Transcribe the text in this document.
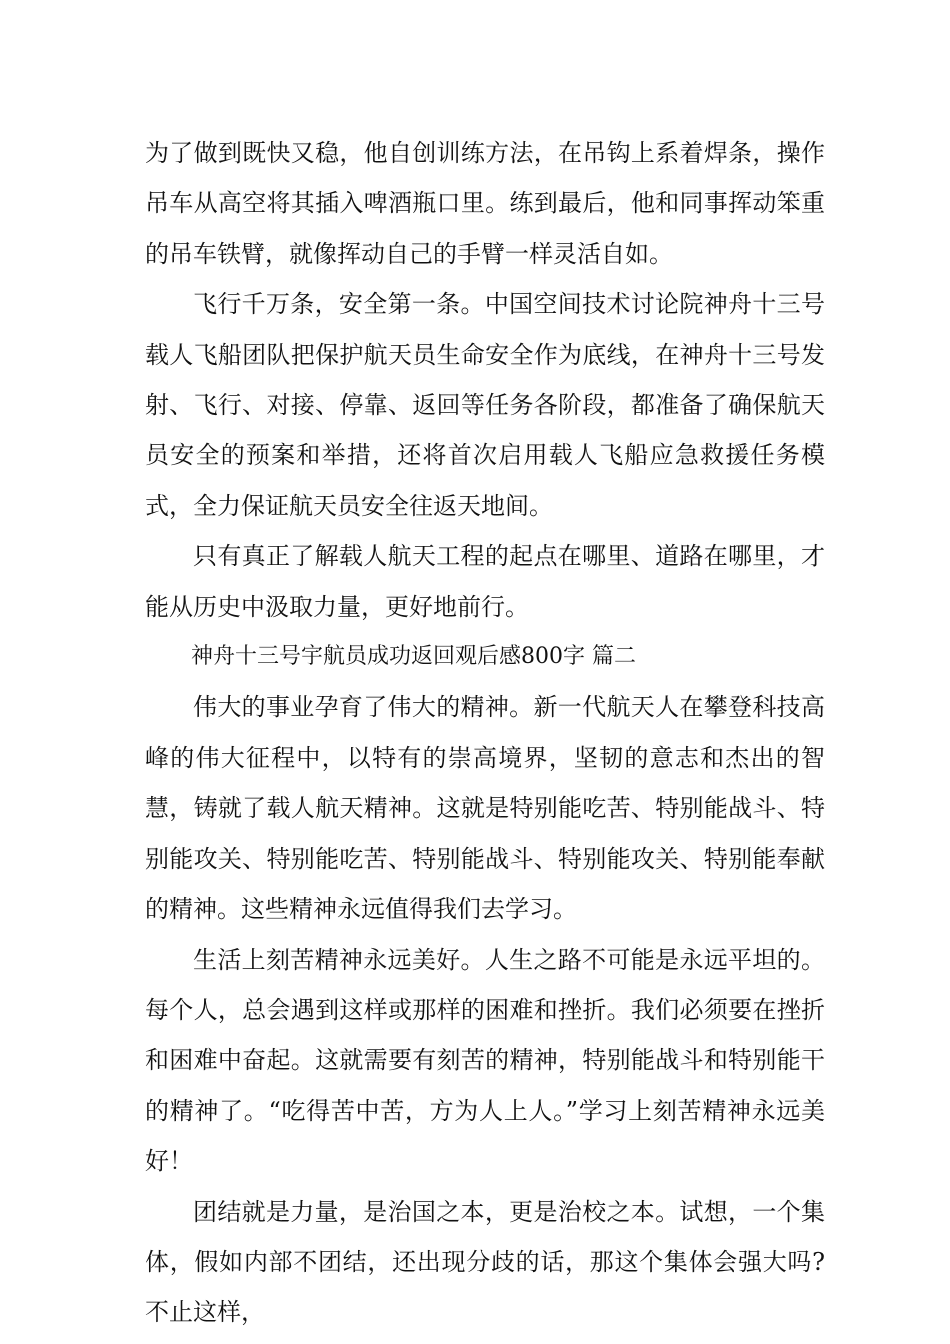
为了做到既快又稳，他自创训练方法，在吊钩上系着焊条，操作吊车从高空将其插入啤酒瓶口里。练到最后，他和同事挥动笨重的吊车铁臂，就像挥动自己的手臂一样灵活自如。

飞行千万条，安全第一条。中国空间技术讨论院神舟十三号载人飞船团队把保护航天员生命安全作为底线，在神舟十三号发射、飞行、对接、停靠、返回等任务各阶段，都准备了确保航天员安全的预案和举措，还将首次启用载人飞船应急救援任务模式，全力保证航天员安全往返天地间。

只有真正了解载人航天工程的起点在哪里、道路在哪里，才能从历史中汲取力量，更好地前行。

神舟十三号宇航员成功返回观后感800字 篇二

伟大的事业孕育了伟大的精神。新一代航天人在攀登科技高峰的伟大征程中，以特有的崇高境界，坚韧的意志和杰出的智慧，铸就了载人航天精神。这就是特别能吃苦、特别能战斗、特别能攻关、特别能吃苦、特别能战斗、特别能攻关、特别能奉献的精神。这些精神永远值得我们去学习。

生活上刻苦精神永远美好。人生之路不可能是永远平坦的。每个人，总会遇到这样或那样的困难和挫折。我们必须要在挫折和困难中奋起。这就需要有刻苦的精神，特别能战斗和特别能干的精神了。“吃得苦中苦，方为人上人。”学习上刻苦精神永远美好！

团结就是力量，是治国之本，更是治校之本。试想，一个集体，假如内部不团结，还出现分歧的话，那这个集体会强大吗?不止这样，
